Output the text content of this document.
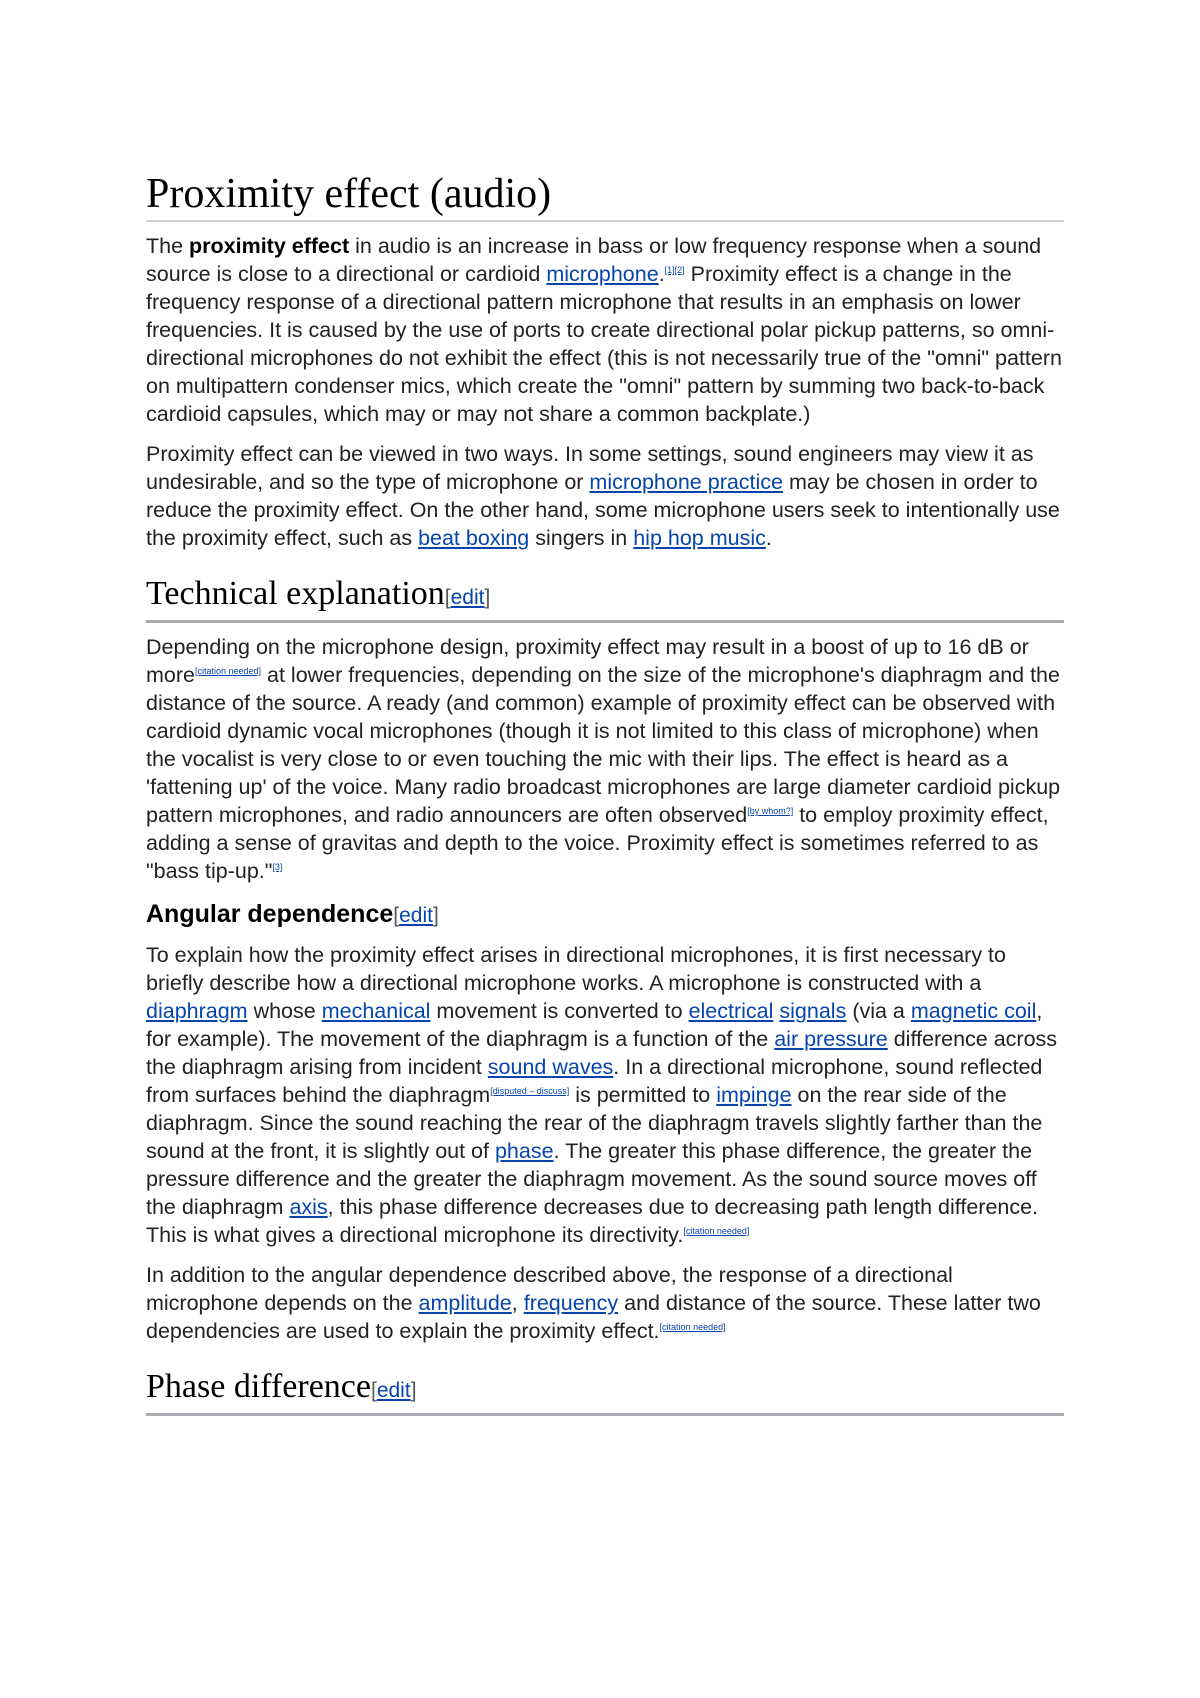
Proximity effect (audio)

The proximity effect in audio is an increase in bass or low frequency response when a sound source is close to a directional or cardioid microphone.[1][2] Proximity effect is a change in the frequency response of a directional pattern microphone that results in an emphasis on lower frequencies. It is caused by the use of ports to create directional polar pickup patterns, so omni-directional microphones do not exhibit the effect (this is not necessarily true of the "omni" pattern on multipattern condenser mics, which create the "omni" pattern by summing two back-to-back cardioid capsules, which may or may not share a common backplate.)

Proximity effect can be viewed in two ways. In some settings, sound engineers may view it as undesirable, and so the type of microphone or microphone practice may be chosen in order to reduce the proximity effect. On the other hand, some microphone users seek to intentionally use the proximity effect, such as beat boxing singers in hip hop music.

Technical explanation[edit]

Depending on the microphone design, proximity effect may result in a boost of up to 16 dB or more[citation needed] at lower frequencies, depending on the size of the microphone's diaphragm and the distance of the source. A ready (and common) example of proximity effect can be observed with cardioid dynamic vocal microphones (though it is not limited to this class of microphone) when the vocalist is very close to or even touching the mic with their lips. The effect is heard as a 'fattening up' of the voice. Many radio broadcast microphones are large diameter cardioid pickup pattern microphones, and radio announcers are often observed[by whom?] to employ proximity effect, adding a sense of gravitas and depth to the voice. Proximity effect is sometimes referred to as "bass tip-up."[3]

Angular dependence[edit]

To explain how the proximity effect arises in directional microphones, it is first necessary to briefly describe how a directional microphone works. A microphone is constructed with a diaphragm whose mechanical movement is converted to electrical signals (via a magnetic coil, for example). The movement of the diaphragm is a function of the air pressure difference across the diaphragm arising from incident sound waves. In a directional microphone, sound reflected from surfaces behind the diaphragm[disputed – discuss] is permitted to impinge on the rear side of the diaphragm. Since the sound reaching the rear of the diaphragm travels slightly farther than the sound at the front, it is slightly out of phase. The greater this phase difference, the greater the pressure difference and the greater the diaphragm movement. As the sound source moves off the diaphragm axis, this phase difference decreases due to decreasing path length difference. This is what gives a directional microphone its directivity.[citation needed]

In addition to the angular dependence described above, the response of a directional microphone depends on the amplitude, frequency and distance of the source. These latter two dependencies are used to explain the proximity effect.[citation needed]

Phase difference[edit]
